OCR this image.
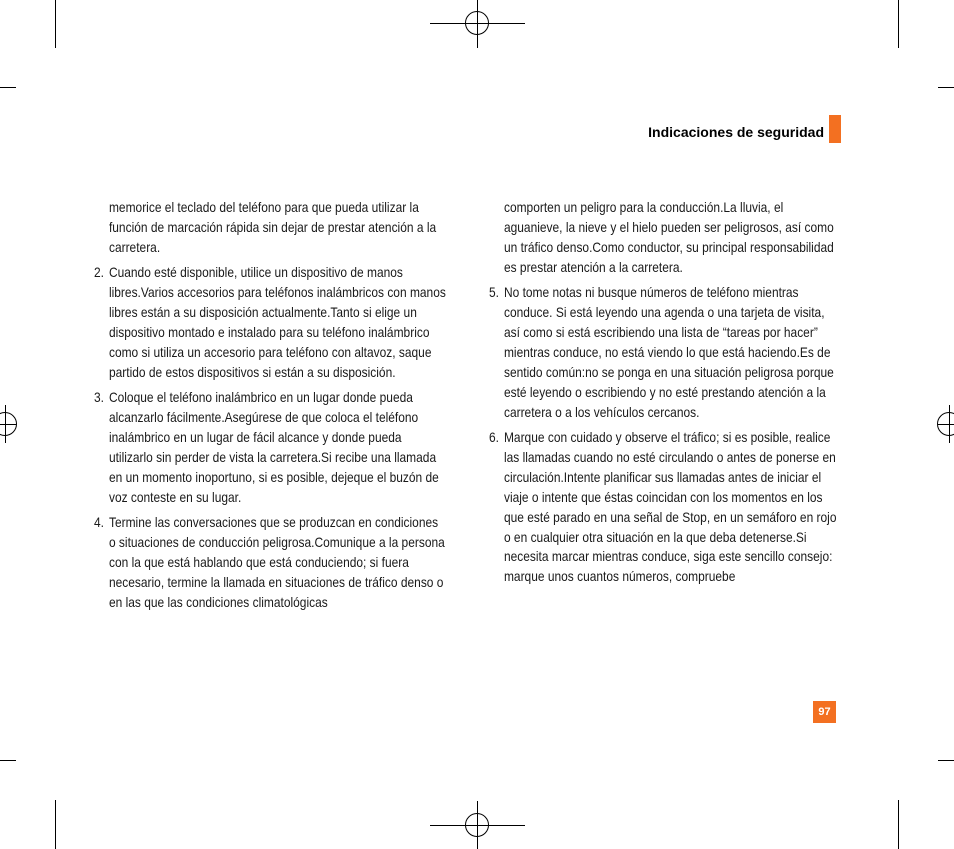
Indicaciones de seguridad
memorice el teclado del teléfono para que pueda utilizar la función de marcación rápida sin dejar de prestar atención a la carretera.
2. Cuando esté disponible, utilice un dispositivo de manos libres.Varios accesorios para teléfonos inalámbricos con manos libres están a su disposición actualmente.Tanto si elige un dispositivo montado e instalado para su teléfono inalámbrico como si utiliza un accesorio para teléfono con altavoz, saque partido de estos dispositivos si están a su disposición.
3. Coloque el teléfono inalámbrico en un lugar donde pueda alcanzarlo fácilmente.Asegúrese de que coloca el teléfono inalámbrico en un lugar de fácil alcance y donde pueda utilizarlo sin perder de vista la carretera.Si recibe una llamada en un momento inoportuno, si es posible, dejeque el buzón de voz conteste en su lugar.
4. Termine las conversaciones que se produzcan en condiciones o situaciones de conducción peligrosa.Comunique a la persona con la que está hablando que está conduciendo; si fuera necesario, termine la llamada en situaciones de tráfico denso o en las que las condiciones climatológicas
comporten un peligro para la conducción.La lluvia, el aguanieve, la nieve y el hielo pueden ser peligrosos, así como un tráfico denso.Como conductor, su principal responsabilidad es prestar atención a la carretera.
5. No tome notas ni busque números de teléfono mientras conduce. Si está leyendo una agenda o una tarjeta de visita, así como si está escribiendo una lista de “tareas por hacer” mientras conduce, no está viendo lo que está haciendo.Es de sentido común:no se ponga en una situación peligrosa porque esté leyendo o escribiendo y no esté prestando atención a la carretera o a los vehículos cercanos.
6. Marque con cuidado y observe el tráfico; si es posible, realice las llamadas cuando no esté circulando o antes de ponerse en circulación.Intente planificar sus llamadas antes de iniciar el viaje o intente que éstas coincidan con los momentos en los que esté parado en una señal de Stop, en un semáforo en rojo o en cualquier otra situación en la que deba detenerse.Si necesita marcar mientras conduce, siga este sencillo consejo: marque unos cuantos números, compruebe
97
